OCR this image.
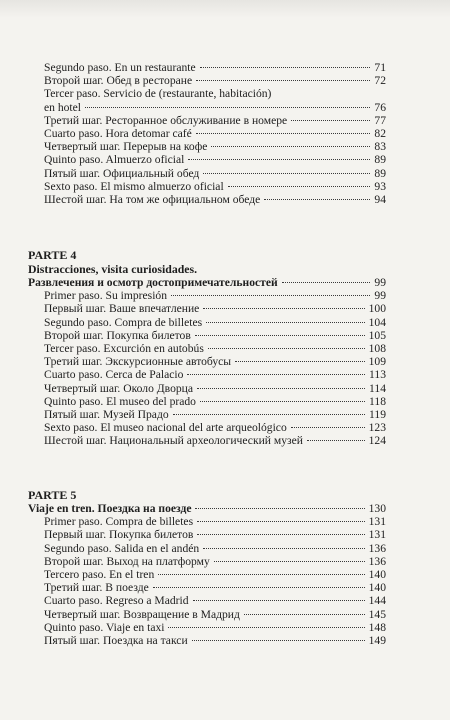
Segundo paso. En un restaurante	71
Второй шаг. Обед в ресторане	72
Tercer paso. Servicio de (restaurante, habitación)
en hotel	76
Третий шаг. Ресторанное обслуживание в номере	77
Cuarto paso. Hora detomar café	82
Четвертый шаг. Перерыв на кофе	83
Quinto paso. Almuerzo oficial	89
Пятый шаг. Официальный обед	89
Sexto paso. El mismo almuerzo oficial	93
Шестой шаг. На том же официальном обеде	94
PARTE 4
Distracciones, visita curiosidades.
Развлечения и осмотр достопримечательностей	99
Primer paso. Su impresión	99
Первый шаг. Ваше впечатление	100
Segundo paso. Compra de billetes	104
Второй шаг. Покупка билетов	105
Tercer paso. Excurción en autobús	108
Третий шаг. Экскурсионные автобусы	109
Cuarto paso. Cerca de Palacio	113
Четвертый шаг. Около Дворца	114
Quinto paso. El museo del prado	118
Пятый шаг. Музей Прадо	119
Sexto paso. El museo nacional del arte arqueológico	123
Шестой шаг. Национальный археологический музей	124
PARTE 5
Viaje en tren. Поездка на поезде	130
Primer paso. Compra de billetes	131
Первый шаг. Покупка билетов	131
Segundo paso. Salida en el andén	136
Второй шаг. Выход на платформу	136
Tercero paso. En el tren	140
Третий шаг. В поезде	140
Cuarto paso. Regreso a Madrid	144
Четвертый шаг. Возвращение в Мадрид	145
Quinto paso. Viaje en taxi	148
Пятый шаг. Поездка на такси	149
